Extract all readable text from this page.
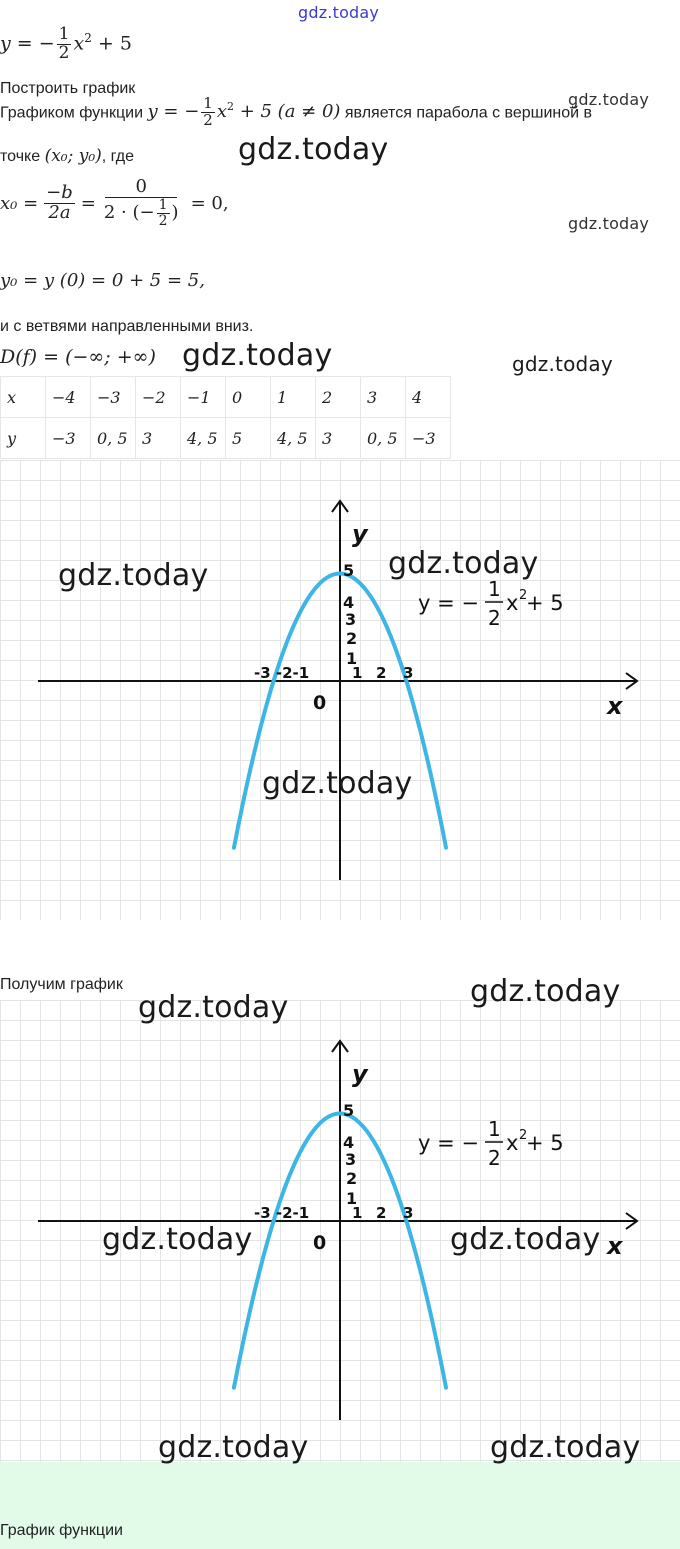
gdz.today
y = − $\frac{1}{2} x^2 + 5$
Построить график
gdz.today
Графиком функции y = − $\frac{1}{2} x^2 + 5$ (a ≠ 0) является парабола с вершиной в
точке (x₀; y₀), где	gdz.today
$x_0 = \frac{-b}{2a} = \frac{0}{2 \cdot (- \frac{1}{2} )} = 0$,
gdz.today
y₀ = y (0) = 0 + 5 = 5,
и с ветвями направленными вниз.
D(f) = (−∞; +∞) gdz.today	gdz.today
x	−4	−3	−2	−1	0	1	2	3	4
y	−3	0, 5	3	4, 5	5	4, 5	3	0, 5	−3
y
x
0
5
4
3
2
1
-3 -2-1	1 2 3
y = −
1
2
x 2
+ 5
gdz.today	gdz.today
gdz.today
Получим график
y
x
0
5
4
3
2
1
-3 -2-1	1 2 3
y = −
1
2
x 2
+ 5
gdz.today
gdz.today
gdz.today	gdz.today
gdz.today	gdz.today
График функции
